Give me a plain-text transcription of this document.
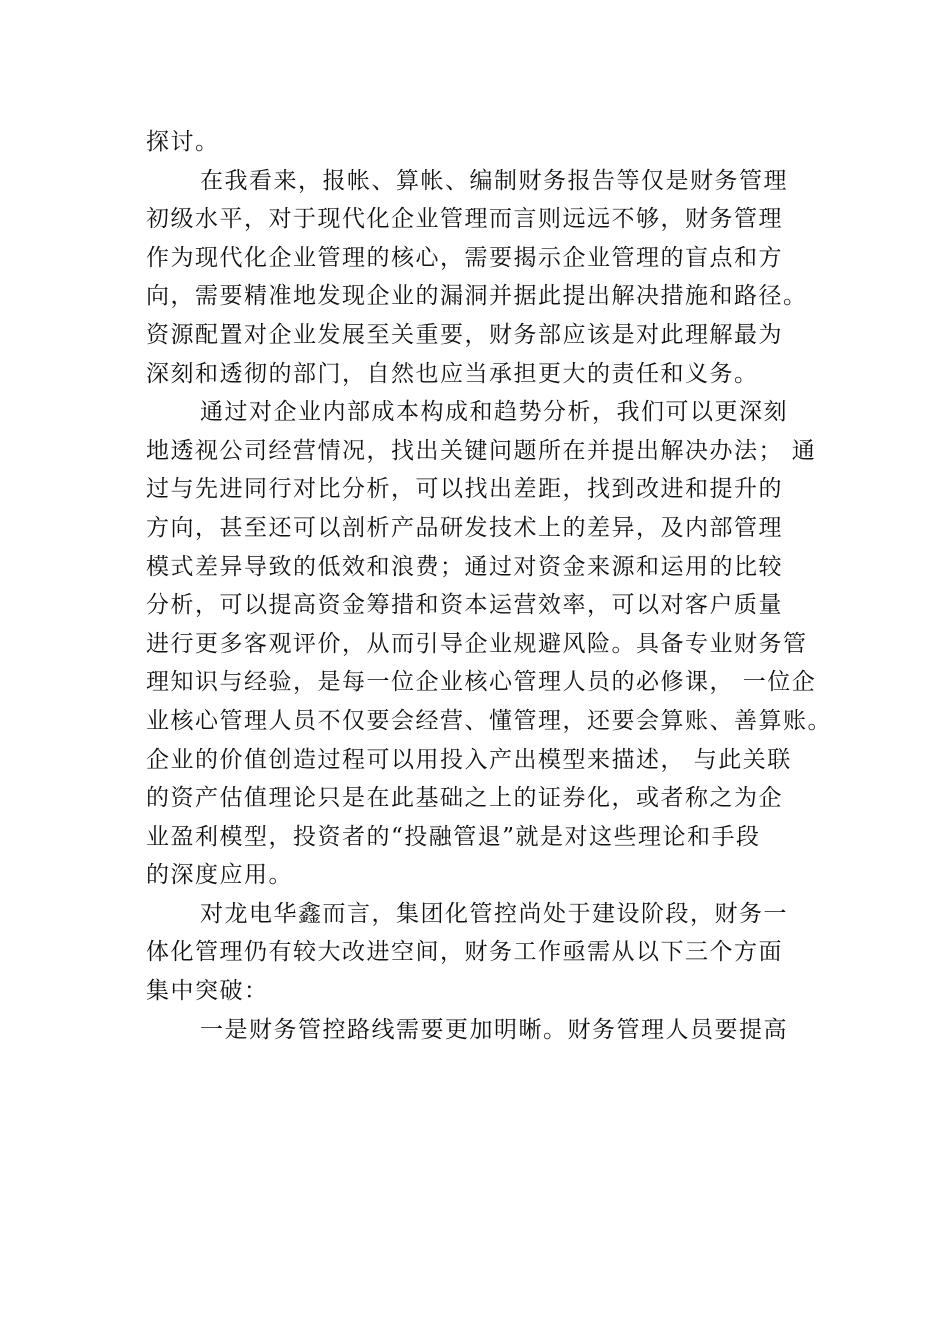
探讨。
在我看来，报帐、算帐、编制财务报告等仅是财务管理
初级水平，对于现代化企业管理而言则远远不够，财务管理
作为现代化企业管理的核心，需要揭示企业管理的盲点和方
向，需要精准地发现企业的漏洞并据此提出解决措施和路径。
资源配置对企业发展至关重要，财务部应该是对此理解最为
深刻和透彻的部门，自然也应当承担更大的责任和义务。
通过对企业内部成本构成和趋势分析，我们可以更深刻
地透视公司经营情况，找出关键问题所在并提出解决办法； 通
过与先进同行对比分析，可以找出差距，找到改进和提升的
方向，甚至还可以剖析产品研发技术上的差异，及内部管理
模式差异导致的低效和浪费；通过对资金来源和运用的比较
分析，可以提高资金筹措和资本运营效率，可以对客户质量
进行更多客观评价，从而引导企业规避风险。具备专业财务管
理知识与经验，是每一位企业核心管理人员的必修课， 一位企
业核心管理人员不仅要会经营、懂管理，还要会算账、善算账。
企业的价值创造过程可以用投入产出模型来描述， 与此关联
的资产估值理论只是在此基础之上的证券化，或者称之为企
业盈利模型，投资者的“投融管退”就是对这些理论和手段
的深度应用。
对龙电华鑫而言，集团化管控尚处于建设阶段，财务一
体化管理仍有较大改进空间，财务工作亟需从以下三个方面
集中突破：
一是财务管控路线需要更加明晰。财务管理人员要提高
